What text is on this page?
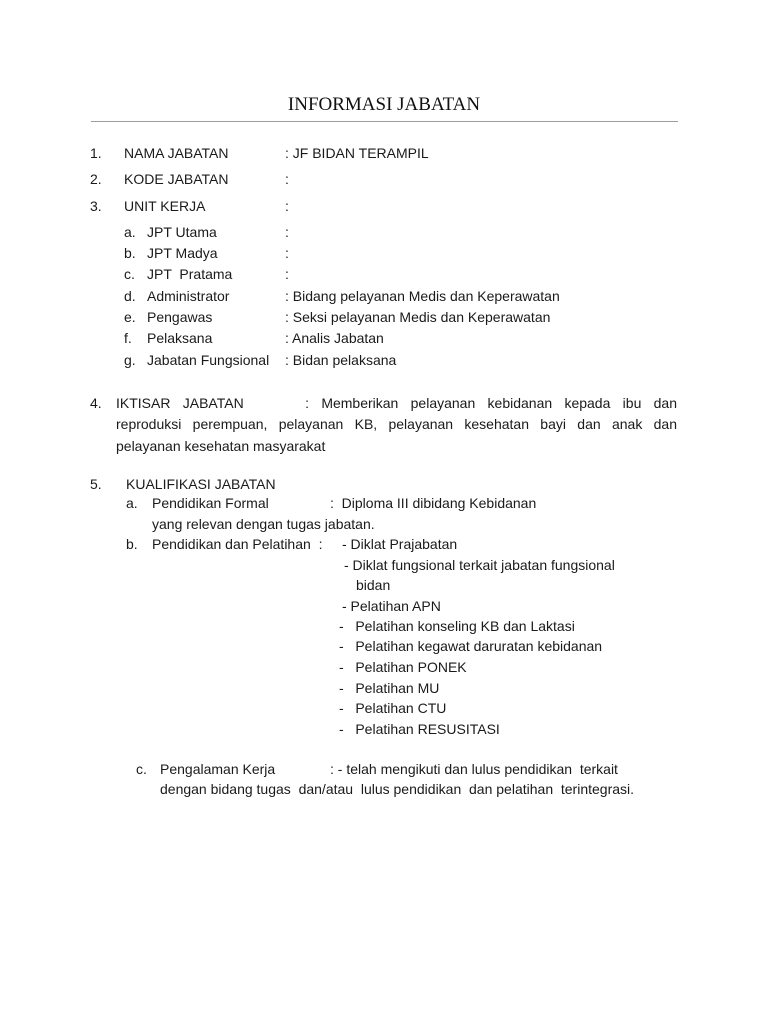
INFORMASI JABATAN
1. NAMA JABATAN	: JF BIDAN TERAMPIL
2. KODE JABATAN	:
3. UNIT KERJA	:
a. JPT Utama	:
b. JPT Madya	:
c. JPT  Pratama	:
d. Administrator	: Bidang pelayanan Medis dan Keperawatan
e. Pengawas	: Seksi pelayanan Medis dan Keperawatan
f. Pelaksana	: Analis Jabatan
g. Jabatan Fungsional : Bidan pelaksana
4. IKTISAR  JABATAN          :  Memberikan  pelayanan  kebidanan  kepada  ibu  dan
reproduksi  perempuan,  pelayanan  KB,  pelayanan  kesehatan  bayi  dan  anak  dan
pelayanan kesehatan masyarakat
5. KUALIFIKASI JABATAN
a. Pendidikan Formal	:  Diploma III dibidang Kebidanan
yang relevan dengan tugas jabatan.
b. Pendidikan dan Pelatihan  : - Diklat Prajabatan
- Diklat fungsional terkait jabatan fungsional
bidan
- Pelatihan APN
-   Pelatihan konseling KB dan Laktasi
-   Pelatihan kegawat daruratan kebidanan
-   Pelatihan PONEK
-   Pelatihan MU
-   Pelatihan CTU
-   Pelatihan RESUSITASI
c. Pengalaman Kerja	: - telah mengikuti dan lulus pendidikan  terkait
dengan bidang tugas  dan/atau  lulus pendidikan  dan pelatihan  terintegrasi.
